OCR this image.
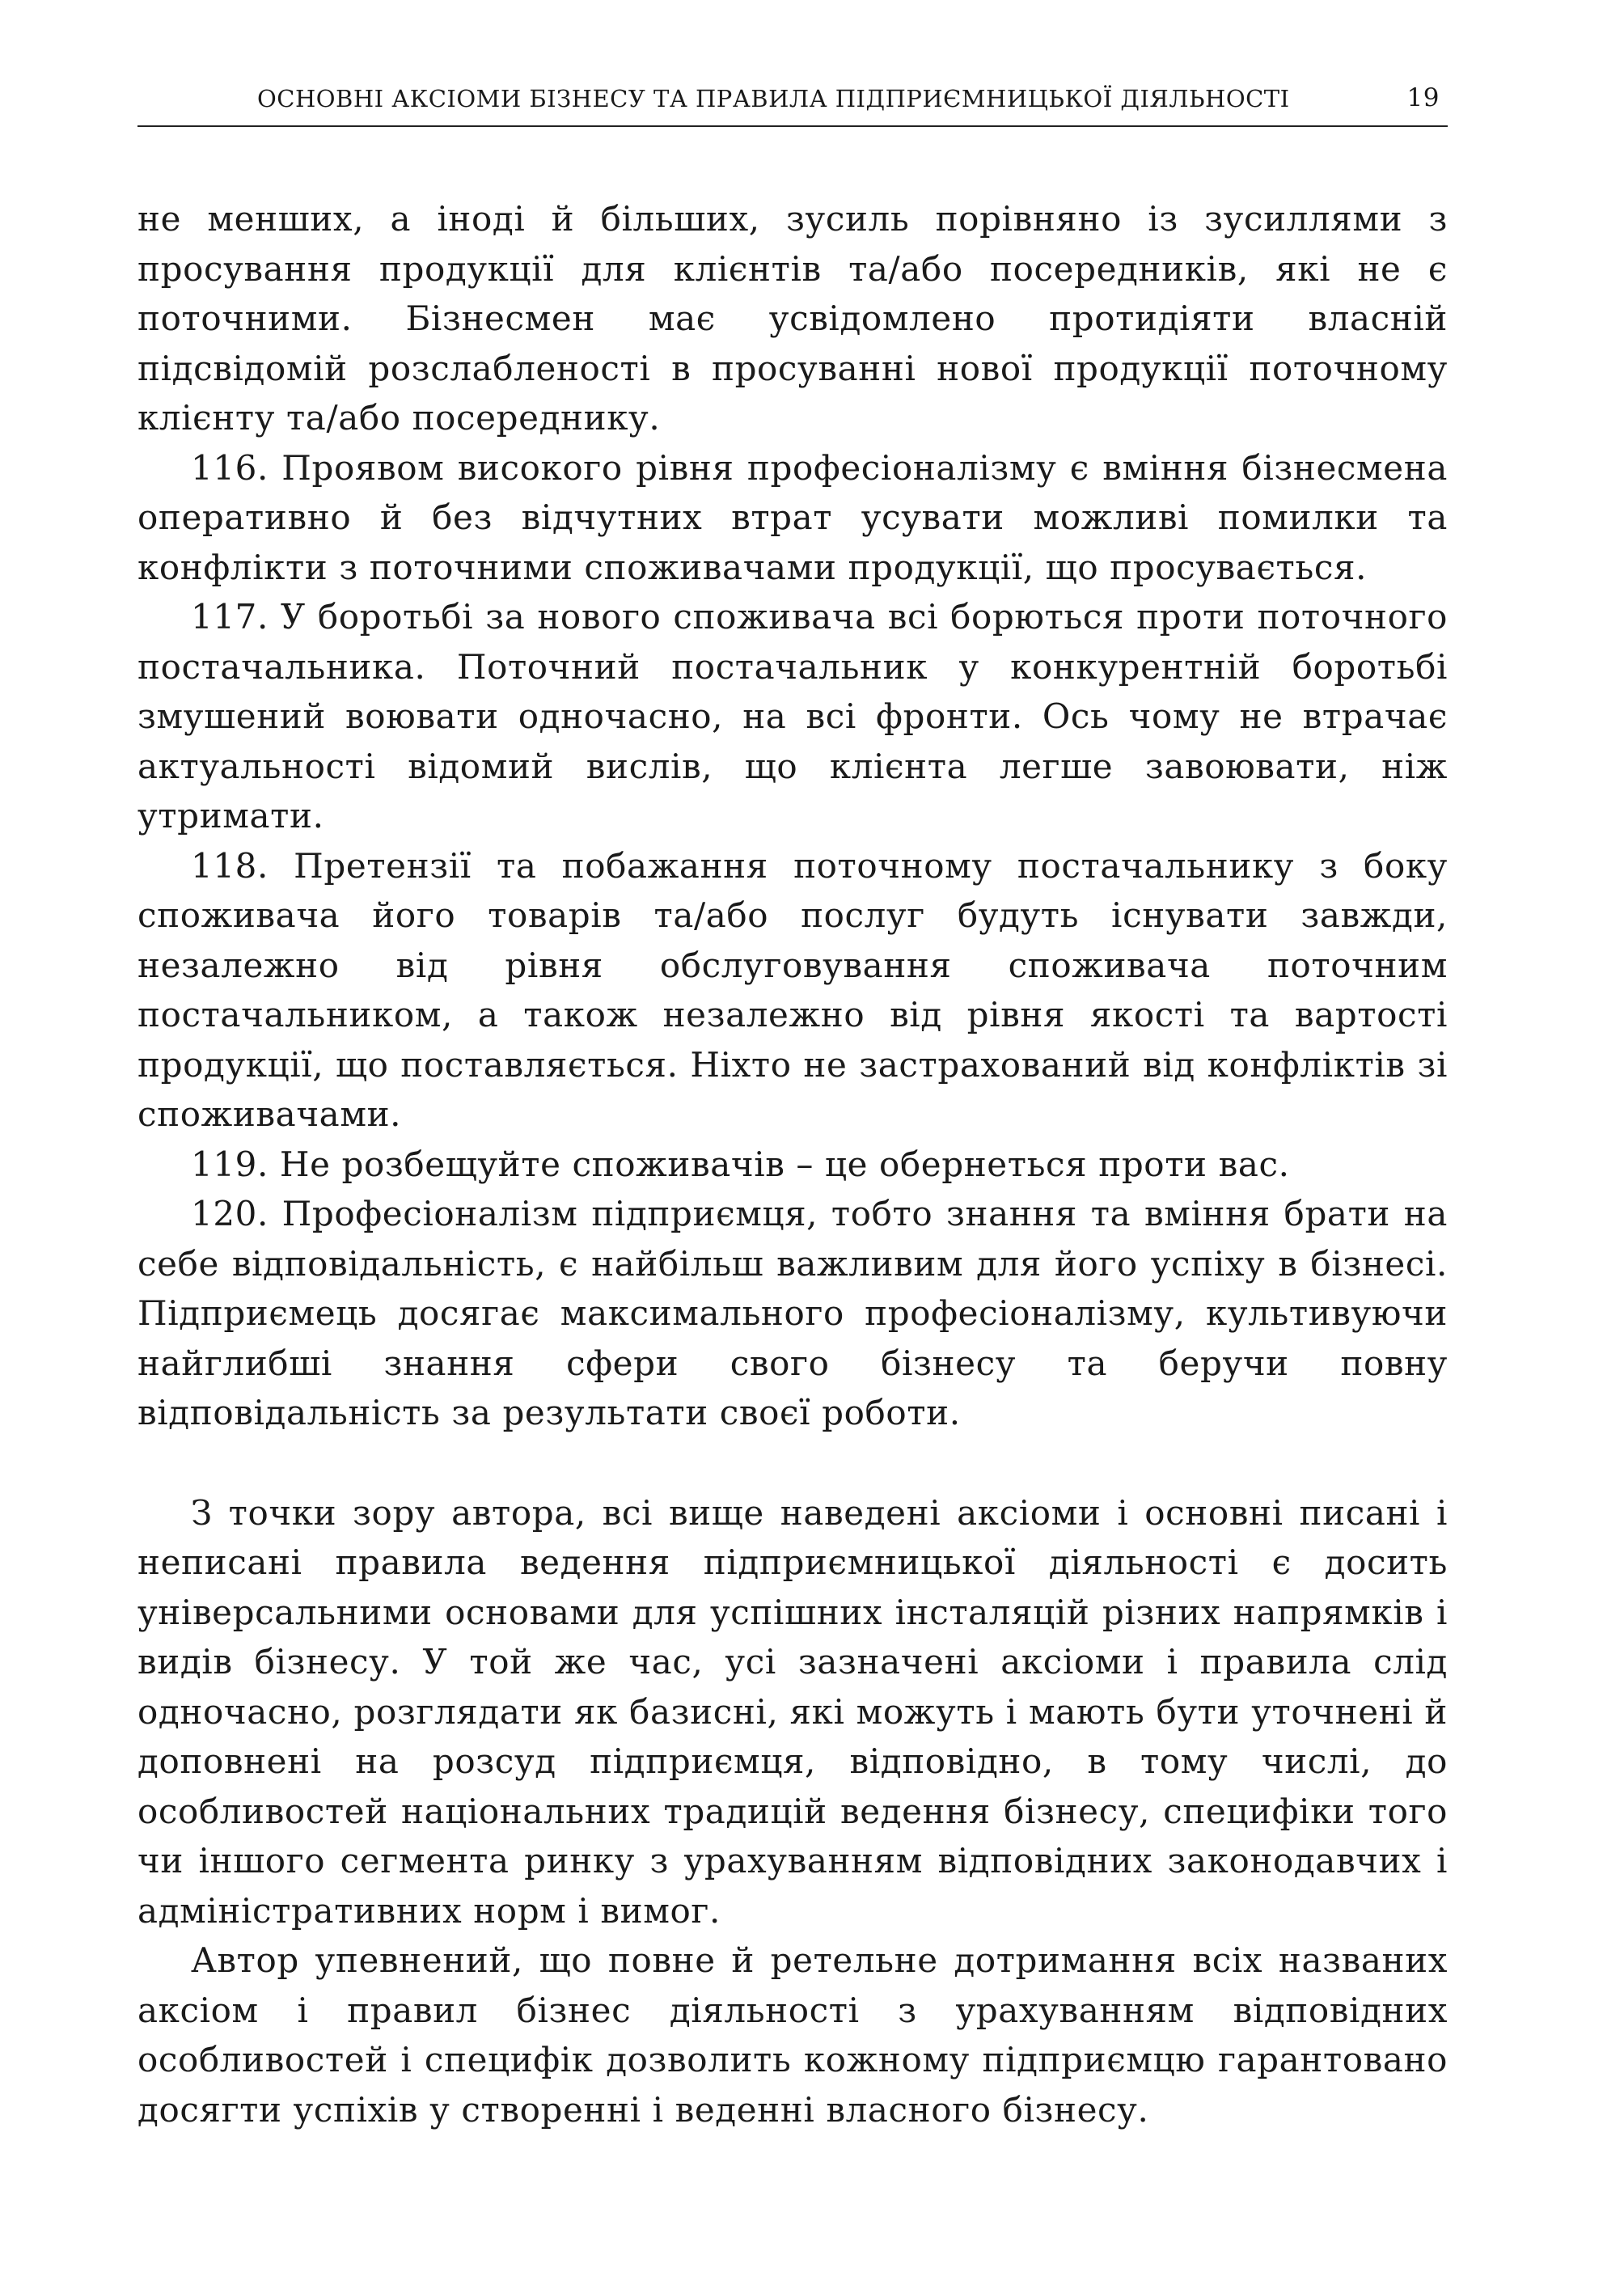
ОСНОВНІ АКСІОМИ БІЗНЕСУ ТА ПРАВИЛА ПІДПРИЄМНИЦЬКОЇ ДІЯЛЬНОСТІ	19

не менших, а іноді й більших, зусиль порівняно із зусиллями з просування продукції для клієнтів та/або посередників, які не є поточними. Бізнесмен має усвідомлено протидіяти власній підсвідомій розслабленості в просуванні нової продукції поточному клієнту та/або посереднику.

116. Проявом високого рівня професіоналізму є вміння бізнесмена оперативно й без відчутних втрат усувати можливі помилки та конфлікти з поточними споживачами продукції, що просувається.

117. У боротьбі за нового споживача всі борються проти поточного постачальника. Поточний постачальник у конкурентній боротьбі змушений воювати одночасно, на всі фронти. Ось чому не втрачає актуальності відомий вислів, що клієнта легше завоювати, ніж утримати.

118. Претензії та побажання поточному постачальнику з боку споживача його товарів та/або послуг будуть існувати завжди, незалежно від рівня обслуговування споживача поточним постачальником, а також незалежно від рівня якості та вартості продукції, що поставляється. Ніхто не застрахований від конфліктів зі споживачами.

119. Не розбещуйте споживачів – це обернеться проти вас.

120. Професіоналізм підприємця, тобто знання та вміння брати на себе відповідальність, є найбільш важливим для його успіху в бізнесі. Підприємець досягає максимального професіоналізму, культивуючи найглибші знання сфери свого бізнесу та беручи повну відповідальність за результати своєї роботи.

З точки зору автора, всі вище наведені аксіоми і основні писані і неписані правила ведення підприємницької діяльності є досить універсальними основами для успішних інсталяцій різних напрямків і видів бізнесу. У той же час, усі зазначені аксіоми і правила слід одночасно, розглядати як базисні, які можуть і мають бути уточнені й доповнені на розсуд підприємця, відповідно, в тому числі, до особливостей національних традицій ведення бізнесу, специфіки того чи іншого сегмента ринку з урахуванням відповідних законодавчих і адміністративних норм і вимог.

Автор упевнений, що повне й ретельне дотримання всіх названих аксіом і правил бізнес діяльності з урахуванням відповідних особливостей і специфік дозволить кожному підприємцю гарантовано досягти успіхів у створенні і веденні власного бізнесу.
